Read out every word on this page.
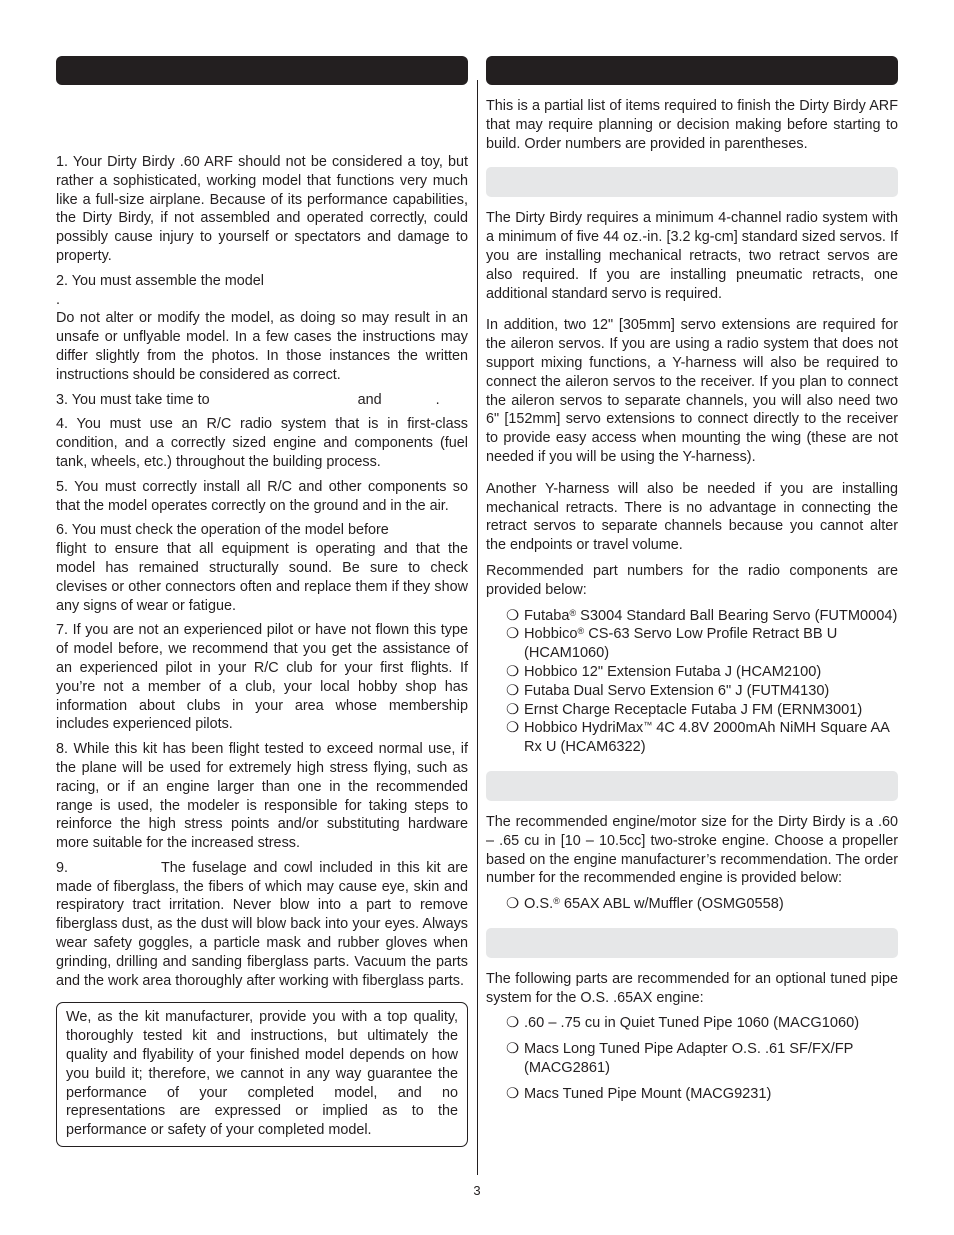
1. Your Dirty Birdy .60 ARF should not be considered a toy, but rather a sophisticated, working model that functions very much like a full-size airplane. Because of its performance capabilities, the Dirty Birdy, if not assembled and operated correctly, could possibly cause injury to yourself or spectators and damage to property.

2. You must assemble the model  .

Do not alter or modify the model, as doing so may result in an unsafe or unflyable model. In a few cases the instructions may differ slightly from the photos. In those instances the written instructions should be considered as correct.

3. You must take time to	and	.

4. You must use an R/C radio system that is in first-class condition, and a correctly sized engine and components (fuel tank, wheels, etc.) throughout the building process.

5. You must correctly install all R/C and other components so that the model operates correctly on the ground and in the air.

6. You must check the operation of the model before

flight to ensure that all equipment is operating and that the model has remained structurally sound. Be sure to check clevises or other connectors often and replace them if they show any signs of wear or fatigue.

7. If you are not an experienced pilot or have not flown this type of model before, we recommend that you get the assistance of an experienced pilot in your R/C club for your first flights. If you’re not a member of a club, your local hobby shop has information about clubs in your area whose membership includes experienced pilots.

8. While this kit has been flight tested to exceed normal use, if the plane will be used for extremely high stress flying, such as racing, or if an engine larger than one in the recommended range is used, the modeler is responsible for taking steps to reinforce the high stress points and/or substituting hardware more suitable for the increased stress.

9.	The fuselage and cowl included in this kit are made of fiberglass, the fibers of which may cause eye, skin and respiratory tract irritation. Never blow into a part to remove fiberglass dust, as the dust will blow back into your eyes. Always wear safety goggles, a particle mask and rubber gloves when grinding, drilling and sanding fiberglass parts. Vacuum the parts and the work area thoroughly after working with fiberglass parts.

We, as the kit manufacturer, provide you with a top quality, thoroughly tested kit and instructions, but ultimately the quality and flyability of your finished model depends on how you build it; therefore, we cannot in any way guarantee the performance of your completed model, and no representations are expressed or implied as to the performance or safety of your completed model.

This is a partial list of items required to finish the Dirty Birdy ARF that may require planning or decision making before starting to build. Order numbers are provided in parentheses.

The Dirty Birdy requires a minimum 4-channel radio system with a minimum of five 44 oz.-in. [3.2 kg-cm] standard sized servos. If you are installing mechanical retracts, two retract servos are also required. If you are installing pneumatic retracts, one additional standard servo is required.

In addition, two 12" [305mm] servo extensions are required for the aileron servos. If you are using a radio system that does not support mixing functions, a Y-harness will also be required to connect the aileron servos to the receiver. If you plan to connect the aileron servos to separate channels, you will also need two 6" [152mm] servo extensions to connect directly to the receiver to provide easy access when mounting the wing (these are not needed if you will be using the Y-harness).

Another Y-harness will also be needed if you are installing mechanical retracts. There is no advantage in connecting the retract servos to separate channels because you cannot alter the endpoints or travel volume.

Recommended part numbers for the radio components are provided below:

❍ Futaba® S3004 Standard Ball Bearing Servo (FUTM0004)
❍ Hobbico® CS-63 Servo Low Profile Retract BB U (HCAM1060)
❍ Hobbico 12" Extension Futaba J (HCAM2100)
❍ Futaba Dual Servo Extension 6" J (FUTM4130)
❍ Ernst Charge Receptacle Futaba J FM (ERNM3001)
❍ Hobbico HydriMax™ 4C 4.8V 2000mAh NiMH Square AA Rx U (HCAM6322)

The recommended engine/motor size for the Dirty Birdy is a .60 – .65 cu in [10 – 10.5cc] two-stroke engine. Choose a propeller based on the engine manufacturer’s recommendation. The order number for the recommended engine is provided below:

❍ O.S.® 65AX ABL w/Muffler (OSMG0558)

The following parts are recommended for an optional tuned pipe system for the O.S. .65AX engine:

❍ .60 – .75 cu in Quiet Tuned Pipe 1060 (MACG1060)
❍ Macs Long Tuned Pipe Adapter O.S. .61 SF/FX/FP (MACG2861)
❍ Macs Tuned Pipe Mount (MACG9231)
3
